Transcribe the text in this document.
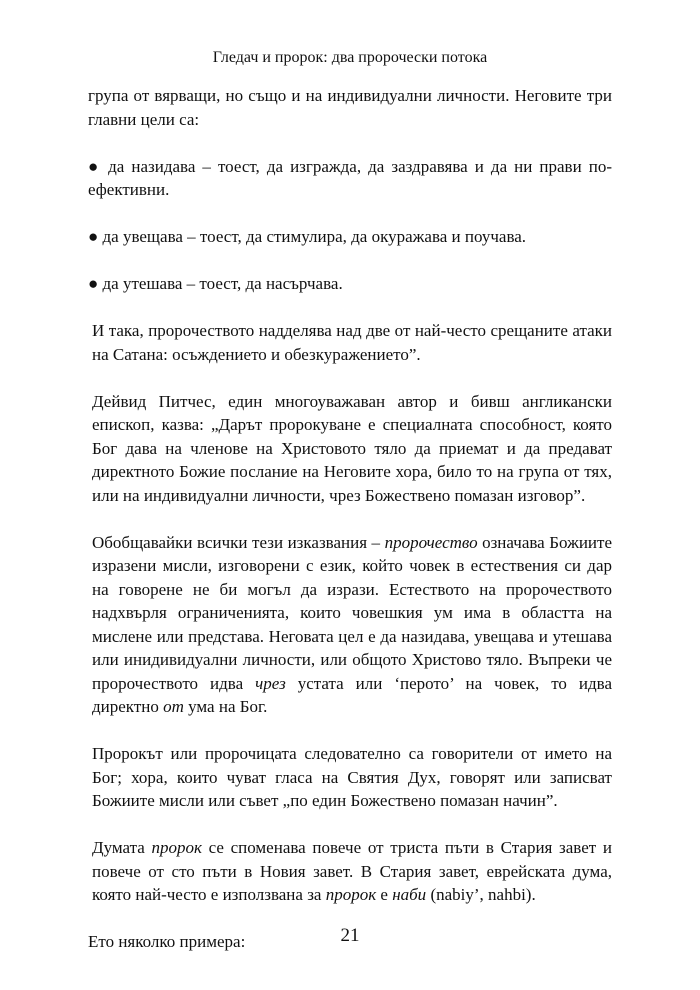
Гледач и пророк: два пророчески потока

група от вярващи, но също и на индивидуални личности. Неговите три главни цели са:

● да назидава – тоест, да изгражда, да заздравява и да ни прави по-ефективни.

● да увещава – тоест, да стимулира, да окуражава и поучава.

● да утешава – тоест, да насърчава.

И така, пророчеството надделява над две от най-често срещаните атаки на Сатана: осъждението и обезкуражението”.

Дейвид Питчес, един многоуважаван автор и бивш англикански епископ, казва: „Дарът пророкуване е специалната способност, която Бог дава на членове на Христовото тяло да приемат и да предават директното Божие послание на Неговите хора, било то на група от тях, или на индивидуални личности, чрез Божествено помазан изговор”.

Обобщавайки всички тези изказвания – пророчество означава Божиите изразени мисли, изговорени с език, който човек в естествения си дар на говорене не би могъл да изрази. Естеството на пророчеството надхвърля ограниченията, които човешкия ум има в областта на мислене или представа. Неговата цел е да назидава, увещава и утешава или инидивидуални личности, или общото Христово тяло. Въпреки че пророчеството идва чрез устата или ‘перото’ на човек, то идва директно от ума на Бог.

Пророкът или пророчицата следователно са говорители от името на Бог; хора, които чуват гласа на Святия Дух, говорят или записват Божиите мисли или съвет „по един Божествено помазан начин”.

Думата пророк се споменава повече от триста пъти в Стария завет и повече от сто пъти в Новия завет. В Стария завет, еврейската дума, която най-често е използвана за пророк е наби (nabiy’, nahbi).

Ето няколко примера:	21
